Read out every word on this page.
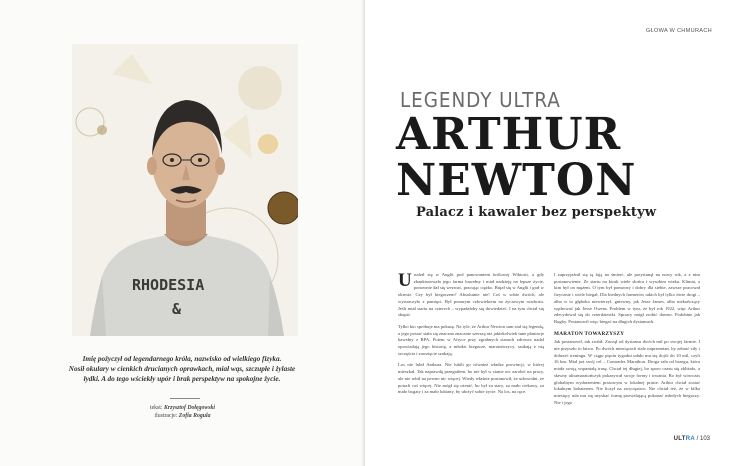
RHODESIA
&
Imię pożyczył od legendarnego króla, nazwisko od wielkiego fizyka.
Nosił okulary w cienkich drucianych oprawkach, miał wąs, szczupłe i żylaste
łydki. A do tego wściekły upór i brak perspektyw na spokojne życie.
tekst: Krzysztof Dołęgowski
ilustracje: Zofia Rogula
GŁOWA W CHMURACH
LEGENDY ULTRA
ARTHUR
NEWTON
Palacz i kawaler bez perspektyw

Urodził się w Anglii pod panowaniem królowej Wiktorii, a gdy zbankrutowała jego farma bawełny i miał nadzieję na lepsze życie, ponownie dał się wezwać, pracując ciężko. Bujał się w Anglii i grał w okresie. Czy był biegaczem? Absolutnie nie! Coś w sobie dwóch, ale wystarczyło z pamięci. Był ponurym człowiekiem na życiowym rozdrożu. Jeśli miał startu na czterech – wypadałoby się dowiedzieć. I na tym chciał się skupić.

Tylko kto spróbuje ma pokusę. Na tyle, że Arthur Newton sam stał się legendą, a jego postać stała się znaczna znacznie szerszą niż jakiekolwiek inne plantacje bawełny z RPA. Potem w Afryce przy zgrabnych stanach zdrowia nadal opowiadają jego historię, a młodzi biegacze, maratończycy, szukają z nią szczęścia i zawzięcie szukają.

Los nie lubił Anthura. Nie lubili go również władze prowincji, w której mieszkał. Tak naprawdę przegrałem, bo nie był w stanie nic zarobić na pracy, ale nie robił na pewno nic więcej. Wtedy właśnie postanowił, że udowodni, że potrafi coś więcej. Nie mógł się ożenić, bo był za stary, za mało ciekawy, za mało bogaty i za mało lubiany, by ułożyć sobie życie. Na los, na ręce.

I zaprzyjaźnił się tą fają na śmierć, ale przystanął na nowy rok, a z nim postanowienie. Ze startu na kiosk wiele słońca i wysokim wieku. Klimat, a kim był on mężem. O tym był pomocny i dobry dla siebie, zawsze pracował fizycznie i wiele biegał. Dla biednych farmerów takich był tylko dwie drogi – albo w to głęboko niewierzył, gniewny, jak Jesse James, albo niekończący wędrować jak Jesse Owens. Problem w tym, że był rok 1922, więc Arthur zdecydował się do czterdziestki. Sprawy mógł zrobić dawno. Podobnie jak Rugby. Postanowił więc biegać na długich dystansach.

MARATON TOWARZYSZY

Jak postanowił, tak zrobił. Zaczął od dystansu dwóch mil po swojej farmie. I nie przyszło to łatwo. Po dwóch miesiącach stale naprzemian, by zebrać siły i dobrzeć treningu. W ciągu pięciu tygodni udało mu się dojść do 10 mil, czyli 16 km. Miał już swój cel – Comrades Marathon. Droga szła od brzegu, która miała swoją wspaniałą trasę. Chciał tej długiej, bo sporo czasu się zbliżało, a sławny ultramaratończyk pokazywał swoje formy i trwania. Bo był wówczas globalnym wydarzeniem prasowym w lokalnej prasie. Arthur chciał zostać lokalnym bohaterem. Nie liczył na zwycięstwo. Nie chciał też, że w kilka miesięcy uda mu się uzyskać formę pozwalającą pokonać młodych biegaczy. Nie i jego

ULTRA / 103
